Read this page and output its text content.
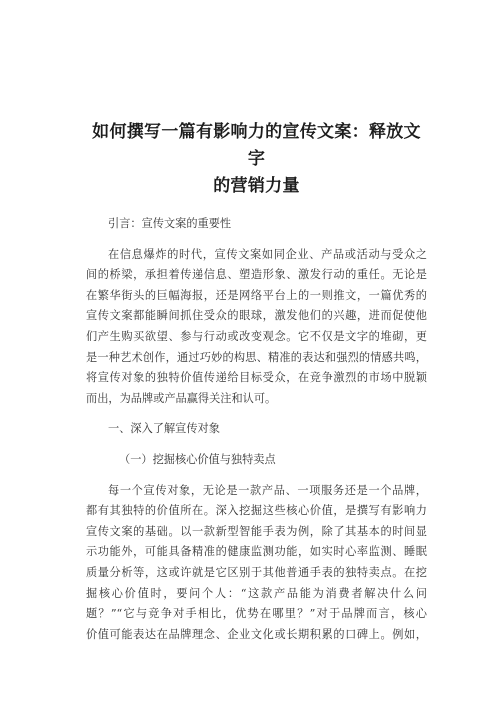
如何撰写一篇有影响力的宣传文案：释放文字
的营销力量
引言：宣传文案的重要性
在信息爆炸的时代，宣传文案如同企业、产品或活动与受众之
间的桥梁，承担着传递信息、塑造形象、激发行动的重任。无论是
在繁华街头的巨幅海报，还是网络平台上的一则推文，一篇优秀的
宣传文案都能瞬间抓住受众的眼球，激发他们的兴趣，进而促使他
们产生购买欲望、参与行动或改变观念。它不仅是文字的堆砌，更
是一种艺术创作，通过巧妙的构思、精准的表达和强烈的情感共鸣，
将宣传对象的独特价值传递给目标受众，在竞争激烈的市场中脱颖
而出，为品牌或产品赢得关注和认可。
一、深入了解宣传对象
（一）挖掘核心价值与独特卖点
每一个宣传对象，无论是一款产品、一项服务还是一个品牌，
都有其独特的价值所在。深入挖掘这些核心价值，是撰写有影响力
宣传文案的基础。以一款新型智能手表为例，除了其基本的时间显
示功能外，可能具备精准的健康监测功能，如实时心率监测、睡眠
质量分析等，这或许就是它区别于其他普通手表的独特卖点。在挖
掘核心价值时，要问个人：“这款产品能为消费者解决什么问
题？”“它与竞争对手相比，优势在哪里？”对于品牌而言，核心
价值可能表达在品牌理念、企业文化或长期积累的口碑上。例如，
